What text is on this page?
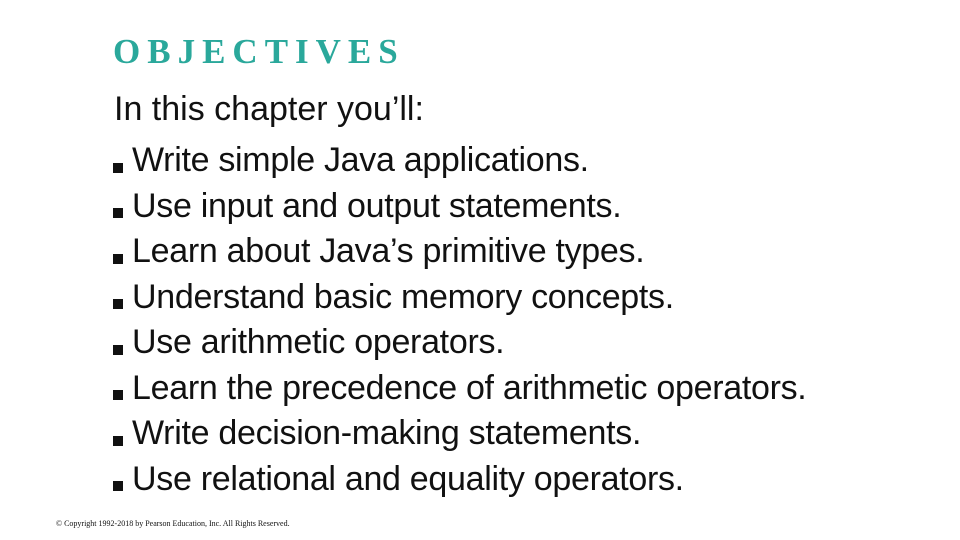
OBJECTIVES

In this chapter you’ll:

Write simple Java applications.
Use input and output statements.
Learn about Java’s primitive types.
Understand basic memory concepts.
Use arithmetic operators.
Learn the precedence of arithmetic operators.
Write decision-making statements.
Use relational and equality operators.

© Copyright 1992-2018 by Pearson Education, Inc. All Rights Reserved.
